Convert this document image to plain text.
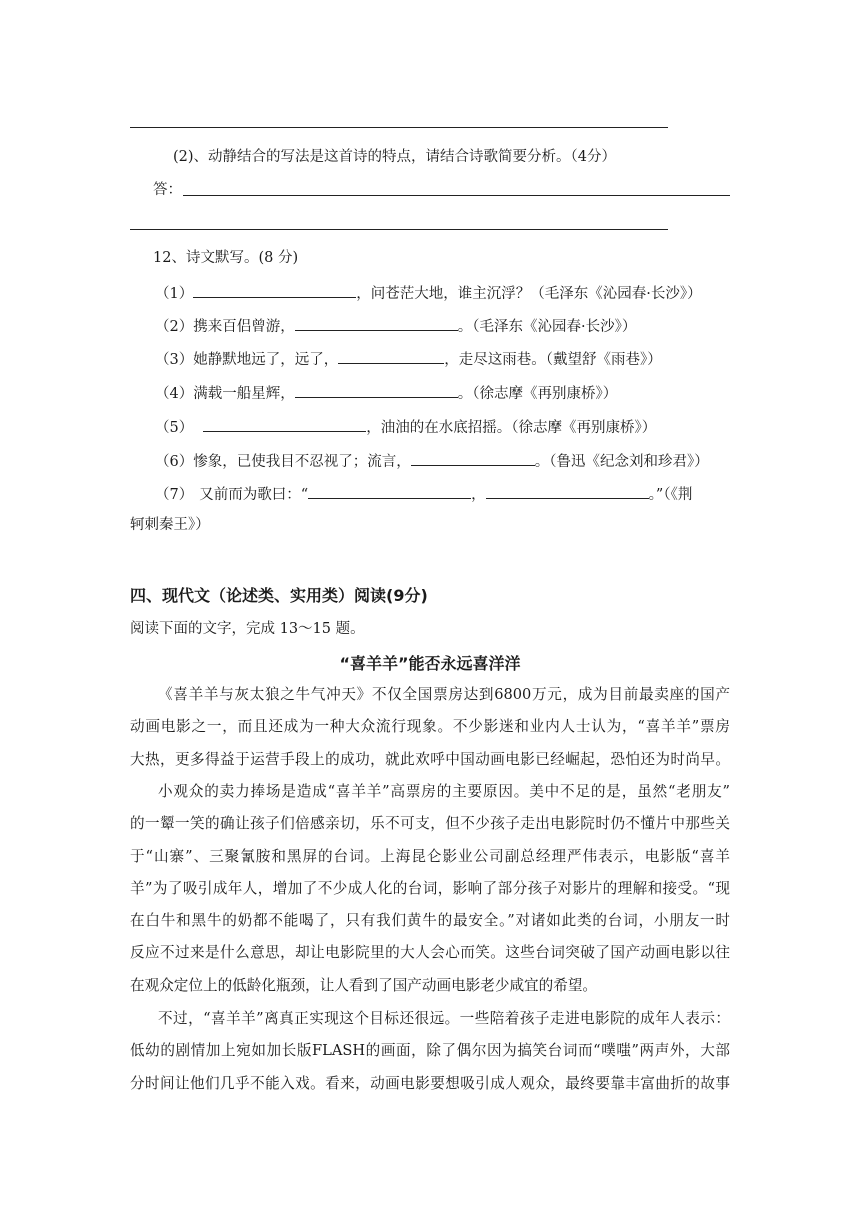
(2)、动静结合的写法是这首诗的特点，请结合诗歌简要分析。（4分）
答：
12、诗文默写。(8 分)
（1）	，问苍茫大地，谁主沉浮？（毛泽东《沁园春·长沙》）
（2）携来百侣曾游，	。（毛泽东《沁园春·长沙》）
（3）她静默地远了，远了，	，走尽这雨巷。（戴望舒《雨巷》）
（4）满载一船星辉，	。（徐志摩《再别康桥》）
（5）	，油油的在水底招摇。（徐志摩《再别康桥》）
（6）惨象，已使我目不忍视了；流言，	。（鲁迅《纪念刘和珍君》）
（7） 又前而为歌曰：“	，	。”（《荆
轲刺秦王》）
四、现代文（论述类、实用类）阅读(9分)
阅读下面的文字，完成 13～15 题。
“喜羊羊”能否永远喜洋洋
《喜羊羊与灰太狼之牛气冲天》不仅全国票房达到6800万元，成为目前最卖座的国产
动画电影之一，而且还成为一种大众流行现象。不少影迷和业内人士认为，“喜羊羊”票房
大热，更多得益于运营手段上的成功，就此欢呼中国动画电影已经崛起，恐怕还为时尚早。
小观众的卖力捧场是造成“喜羊羊”高票房的主要原因。美中不足的是，虽然“老朋友”
的一颦一笑的确让孩子们倍感亲切，乐不可支，但不少孩子走出电影院时仍不懂片中那些关
于“山寨”、三聚氰胺和黑屏的台词。上海昆仑影业公司副总经理严伟表示，电影版“喜羊
羊”为了吸引成年人，增加了不少成人化的台词，影响了部分孩子对影片的理解和接受。“现
在白牛和黑牛的奶都不能喝了，只有我们黄牛的最安全。”对诸如此类的台词，小朋友一时
反应不过来是什么意思，却让电影院里的大人会心而笑。这些台词突破了国产动画电影以往
在观众定位上的低龄化瓶颈，让人看到了国产动画电影老少咸宜的希望。
不过，“喜羊羊”离真正实现这个目标还很远。一些陪着孩子走进电影院的成年人表示：
低幼的剧情加上宛如加长版FLASH的画面，除了偶尔因为搞笑台词而“噗嗤”两声外，大部
分时间让他们几乎不能入戏。看来，动画电影要想吸引成人观众，最终要靠丰富曲折的故事
